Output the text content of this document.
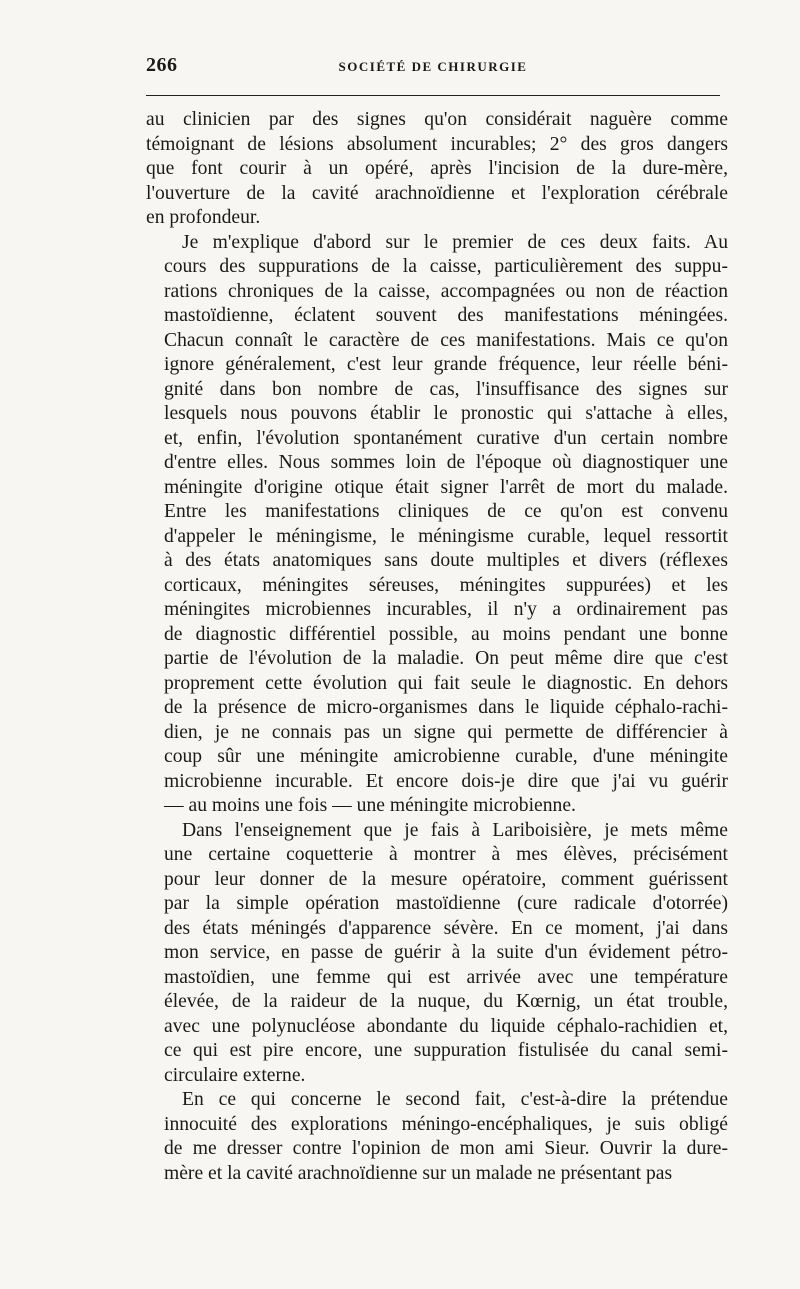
266	SOCIÉTÉ DE CHIRURGIE

au clinicien par des signes qu'on considérait naguère comme
témoignant de lésions absolument incurables; 2° des gros dangers
que font courir à un opéré, après l'incision de la dure-mère,
l'ouverture de la cavité arachnoïdienne et l'exploration cérébrale
en profondeur.

Je m'explique d'abord sur le premier de ces deux faits. Au
cours des suppurations de la caisse, particulièrement des suppu-
rations chroniques de la caisse, accompagnées ou non de réaction
mastoïdienne, éclatent souvent des manifestations méningées.
Chacun connaît le caractère de ces manifestations. Mais ce qu'on
ignore généralement, c'est leur grande fréquence, leur réelle béni-
gnité dans bon nombre de cas, l'insuffisance des signes sur
lesquels nous pouvons établir le pronostic qui s'attache à elles,
et, enfin, l'évolution spontanément curative d'un certain nombre
d'entre elles. Nous sommes loin de l'époque où diagnostiquer une
méningite d'origine otique était signer l'arrêt de mort du malade.
Entre les manifestations cliniques de ce qu'on est convenu
d'appeler le méningisme, le méningisme curable, lequel ressortit
à des états anatomiques sans doute multiples et divers (réflexes
corticaux, méningites séreuses, méningites suppurées) et les
méningites microbiennes incurables, il n'y a ordinairement pas
de diagnostic différentiel possible, au moins pendant une bonne
partie de l'évolution de la maladie. On peut même dire que c'est
proprement cette évolution qui fait seule le diagnostic. En dehors
de la présence de micro-organismes dans le liquide céphalo-rachi-
dien, je ne connais pas un signe qui permette de différencier à
coup sûr une méningite amicrobienne curable, d'une méningite
microbienne incurable. Et encore dois-je dire que j'ai vu guérir
— au moins une fois — une méningite microbienne.

Dans l'enseignement que je fais à Lariboisière, je mets même
une certaine coquetterie à montrer à mes élèves, précisément
pour leur donner de la mesure opératoire, comment guérissent
par la simple opération mastoïdienne (cure radicale d'otorrée)
des états méningés d'apparence sévère. En ce moment, j'ai dans
mon service, en passe de guérir à la suite d'un évidement pétro-
mastoïdien, une femme qui est arrivée avec une température
élevée, de la raideur de la nuque, du Kœrnig, un état trouble,
avec une polynucléose abondante du liquide céphalo-rachidien et,
ce qui est pire encore, une suppuration fistulisée du canal semi-
circulaire externe.

En ce qui concerne le second fait, c'est-à-dire la prétendue
innocuité des explorations méningo-encéphaliques, je suis obligé
de me dresser contre l'opinion de mon ami Sieur. Ouvrir la dure-
mère et la cavité arachnoïdienne sur un malade ne présentant pas
